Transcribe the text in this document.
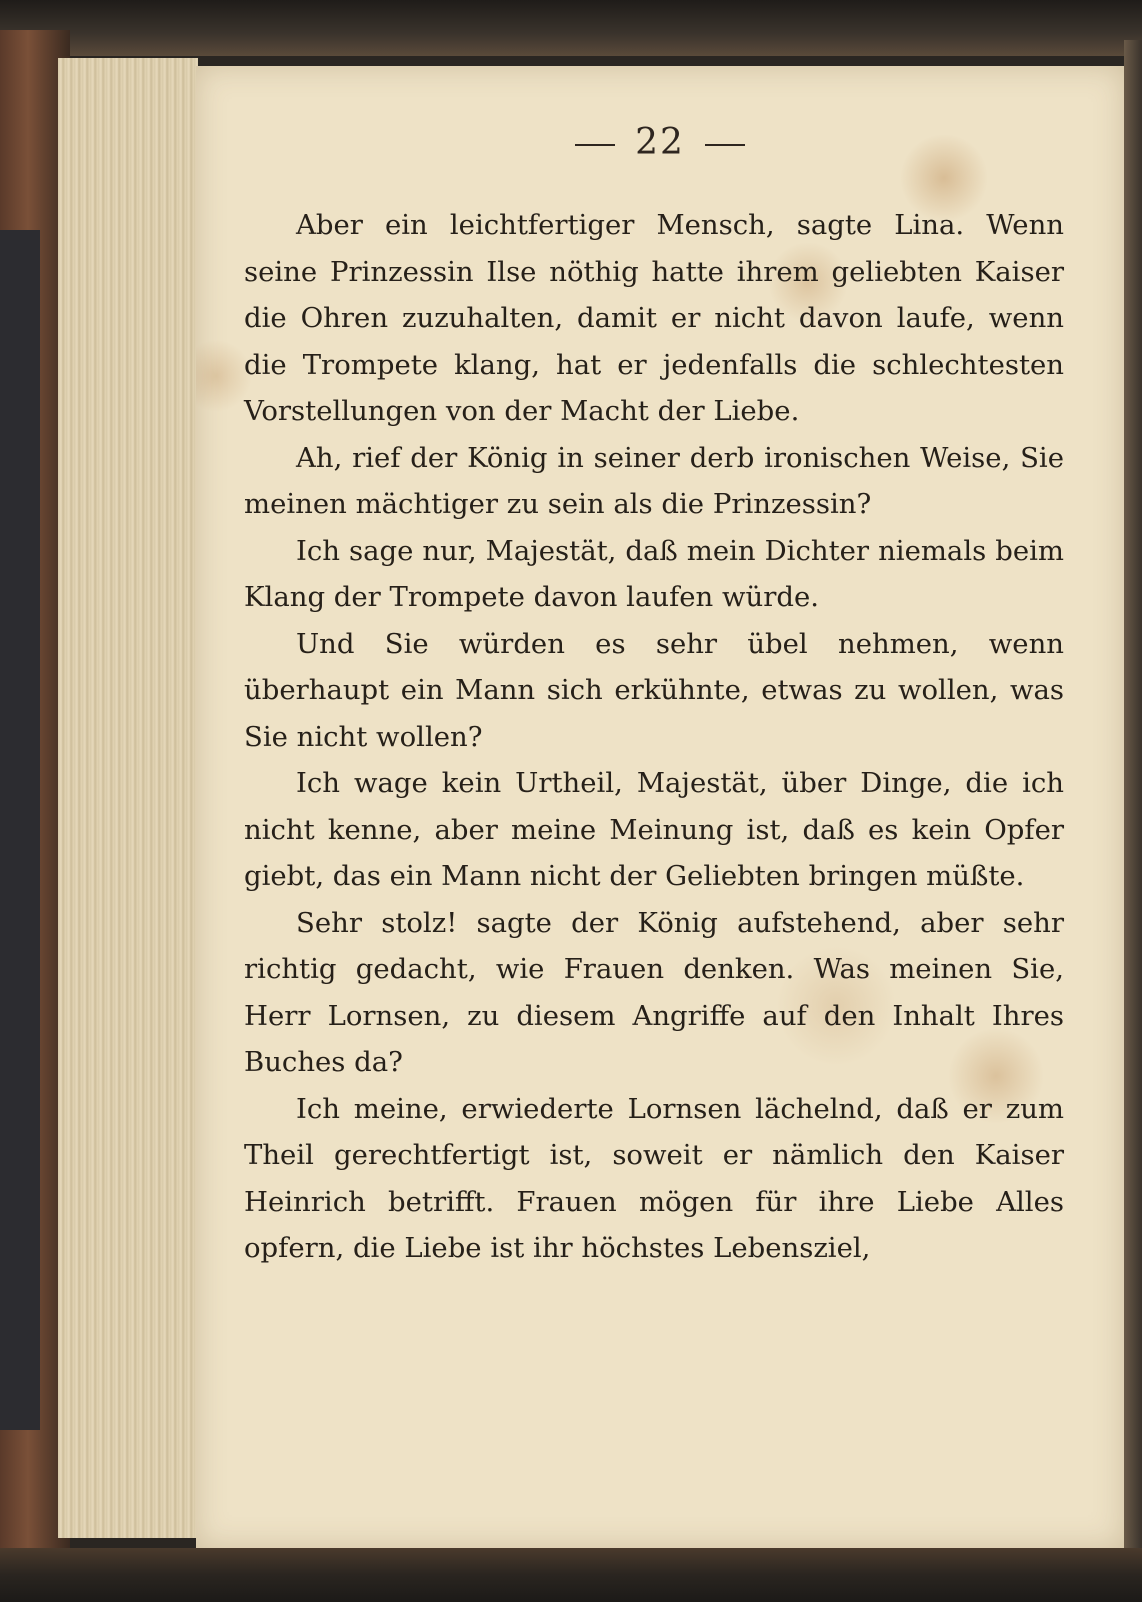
22

Aber ein leichtfertiger Mensch, sagte Lina. Wenn seine Prinzessin Ilse nöthig hatte ihrem geliebten Kaiser die Ohren zuzuhalten, damit er nicht davon laufe, wenn die Trompete klang, hat er jedenfalls die schlechtesten Vorstellungen von der Macht der Liebe.

Ah, rief der König in seiner derb ironischen Weise, Sie meinen mächtiger zu sein als die Prinzessin?

Ich sage nur, Majestät, daß mein Dichter niemals beim Klang der Trompete davon laufen würde.

Und Sie würden es sehr übel nehmen, wenn überhaupt ein Mann sich erkühnte, etwas zu wollen, was Sie nicht wollen?

Ich wage kein Urtheil, Majestät, über Dinge, die ich nicht kenne, aber meine Meinung ist, daß es kein Opfer giebt, das ein Mann nicht der Geliebten bringen müßte.

Sehr stolz! sagte der König aufstehend, aber sehr richtig gedacht, wie Frauen denken. Was meinen Sie, Herr Lornsen, zu diesem Angriffe auf den Inhalt Ihres Buches da?

Ich meine, erwiederte Lornsen lächelnd, daß er zum Theil gerechtfertigt ist, soweit er nämlich den Kaiser Heinrich betrifft. Frauen mögen für ihre Liebe Alles opfern, die Liebe ist ihr höchstes Lebensziel,
